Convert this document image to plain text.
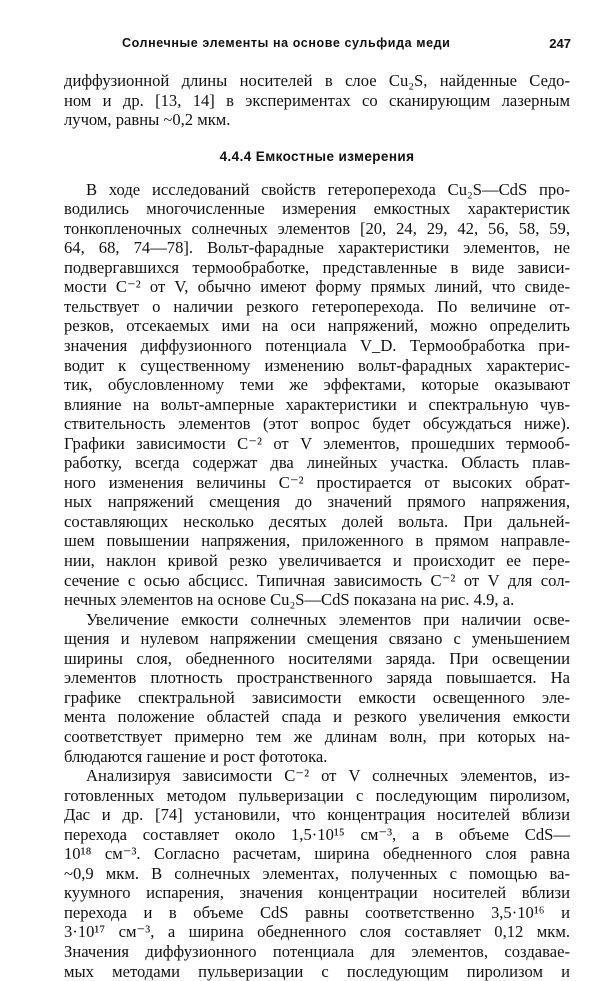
Солнечные элементы на основе сульфида меди	247

диффузионной длины носителей в слое Cu₂S, найденные Седо-
ном и др. [13, 14] в экспериментах со сканирующим лазерным
лучом, равны ~0,2 мкм.

4.4.4 Емкостные измерения

В ходе исследований свойств гетероперехода Cu₂S—CdS про-
водились многочисленные измерения емкостных характеристик
тонкопленочных солнечных элементов [20, 24, 29, 42, 56, 58, 59,
64, 68, 74—78]. Вольт-фарадные характеристики элементов, не
подвергавшихся термообработке, представленные в виде зависи-
мости C⁻² от V, обычно имеют форму прямых линий, что свиде-
тельствует о наличии резкого гетероперехода. По величине от-
резков, отсекаемых ими на оси напряжений, можно определить
значения диффузионного потенциала V_D. Термообработка при-
водит к существенному изменению вольт-фарадных характерис-
тик, обусловленному теми же эффектами, которые оказывают
влияние на вольт-амперные характеристики и спектральную чув-
ствительность элементов (этот вопрос будет обсуждаться ниже).
Графики зависимости C⁻² от V элементов, прошедших термооб-
работку, всегда содержат два линейных участка. Область плав-
ного изменения величины C⁻² простирается от высоких обрат-
ных напряжений смещения до значений прямого напряжения,
составляющих несколько десятых долей вольта. При дальней-
шем повышении напряжения, приложенного в прямом направле-
нии, наклон кривой резко увеличивается и происходит ее пере-
сечение с осью абсцисс. Типичная зависимость C⁻² от V для сол-
нечных элементов на основе Cu₂S—CdS показана на рис. 4.9, a.

Увеличение емкости солнечных элементов при наличии осве-
щения и нулевом напряжении смещения связано с уменьшением
ширины слоя, обедненного носителями заряда. При освещении
элементов плотность пространственного заряда повышается. На
графике спектральной зависимости емкости освещенного эле-
мента положение областей спада и резкого увеличения емкости
соответствует примерно тем же длинам волн, при которых на-
блюдаются гашение и рост фототока.

Анализируя зависимости C⁻² от V солнечных элементов, из-
готовленных методом пульверизации с последующим пиролизом,
Дас и др. [74] установили, что концентрация носителей вблизи
перехода составляет около 1,5·10¹⁵ см⁻³, а в объеме CdS—
10¹⁸ см⁻³. Согласно расчетам, ширина обедненного слоя равна
~0,9 мкм. В солнечных элементах, полученных с помощью ва-
куумного испарения, значения концентрации носителей вблизи
перехода и в объеме CdS равны соответственно 3,5·10¹⁶ и
3·10¹⁷ см⁻³, а ширина обедненного слоя составляет 0,12 мкм.
Значения диффузионного потенциала для элементов, создавае-
мых методами пульверизации с последующим пиролизом и
